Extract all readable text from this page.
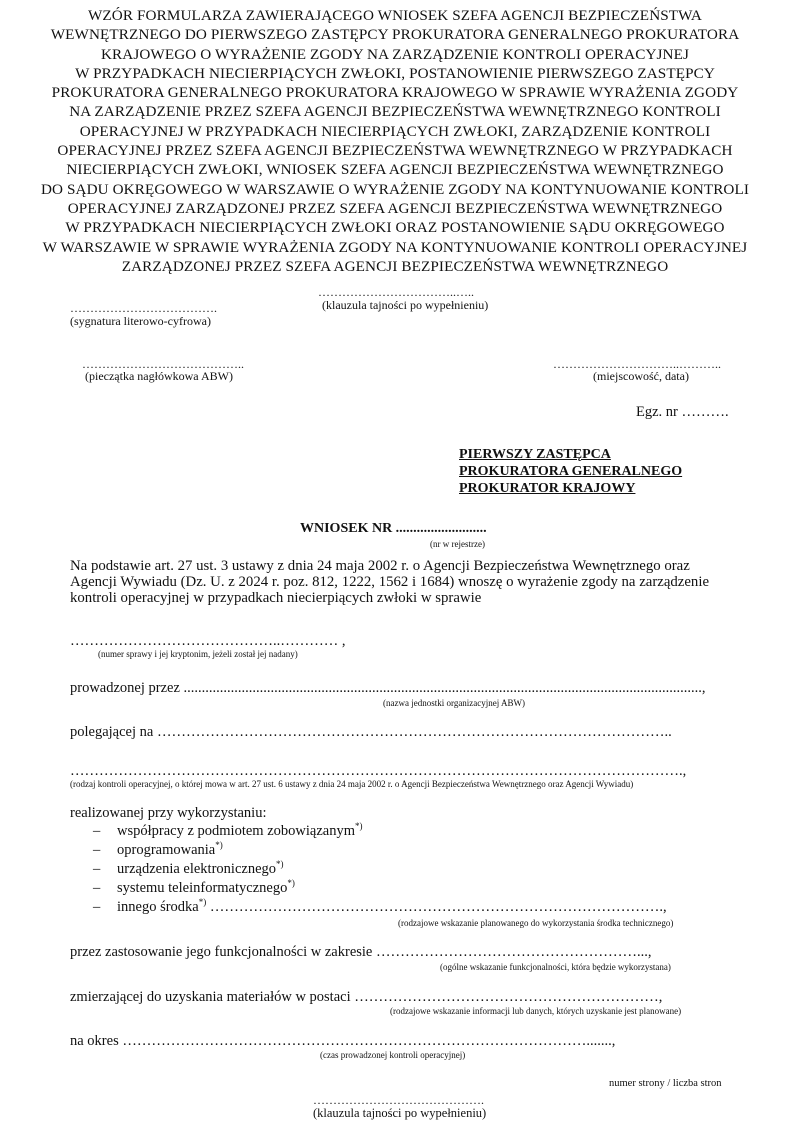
WZÓR FORMULARZA ZAWIERAJĄCEGO WNIOSEK SZEFA AGENCJI BEZPIECZEŃSTWA
WEWNĘTRZNEGO DO PIERWSZEGO ZASTĘPCY PROKURATORA GENERALNEGO PROKURATORA
KRAJOWEGO O WYRAŻENIE ZGODY NA ZARZĄDZENIE KONTROLI OPERACYJNEJ
W PRZYPADKACH NIECIERPIĄCYCH ZWŁOKI, POSTANOWIENIE PIERWSZEGO ZASTĘPCY
PROKURATORA GENERALNEGO PROKURATORA KRAJOWEGO W SPRAWIE WYRAŻENIA ZGODY
NA ZARZĄDZENIE PRZEZ SZEFA AGENCJI BEZPIECZEŃSTWA WEWNĘTRZNEGO KONTROLI
OPERACYJNEJ W PRZYPADKACH NIECIERPIĄCYCH ZWŁOKI, ZARZĄDZENIE KONTROLI
OPERACYJNEJ PRZEZ SZEFA AGENCJI BEZPIECZEŃSTWA WEWNĘTRZNEGO W PRZYPADKACH
NIECIERPIĄCYCH ZWŁOKI, WNIOSEK SZEFA AGENCJI BEZPIECZEŃSTWA WEWNĘTRZNEGO
DO SĄDU OKRĘGOWEGO W WARSZAWIE O WYRAŻENIE ZGODY NA KONTYNUOWANIE KONTROLI
OPERACYJNEJ ZARZĄDZONEJ PRZEZ SZEFA AGENCJI BEZPIECZEŃSTWA WEWNĘTRZNEGO
W PRZYPADKACH NIECIERPIĄCYCH ZWŁOKI ORAZ POSTANOWIENIE SĄDU OKRĘGOWEGO
W WARSZAWIE W SPRAWIE WYRAŻENIA ZGODY NA KONTYNUOWANIE KONTROLI OPERACYJNEJ
ZARZĄDZONEJ PRZEZ SZEFA AGENCJI BEZPIECZEŃSTWA WEWNĘTRZNEGO
……………………………..…..
(klauzula tajności po wypełnieniu)
……………………………….
(sygnatura literowo-cyfrowa)
…………………………………..
(pieczątka nagłówkowa ABW)
…………………………..………..
(miejscowość, data)
Egz. nr ……….
PIERWSZY ZASTĘPCA
PROKURATORA GENERALNEGO
PROKURATOR KRAJOWY
WNIOSEK NR ..........................
(nr w rejestrze)
Na podstawie art. 27 ust. 3 ustawy z dnia 24 maja 2002 r. o Agencji Bezpieczeństwa Wewnętrznego oraz
Agencji Wywiadu (Dz. U. z 2024 r. poz. 812, 1222, 1562 i 1684) wnoszę o wyrażenie zgody na zarządzenie
kontroli operacyjnej w przypadkach niecierpiących zwłoki w sprawie
……………………………………..………… ,
(numer sprawy i jej kryptonim, jeżeli został jej nadany)
prowadzonej przez ...............................................................................................................................................,
(nazwa jednostki organizacyjnej ABW)
polegającej na ……………………………………………………………………………………………..
……………………………………………………………………………………………………………….,
(rodzaj kontroli operacyjnej, o której mowa w art. 27 ust. 6 ustawy z dnia 24 maja 2002 r. o Agencji Bezpieczeństwa Wewnętrznego oraz Agencji Wywiadu)
realizowanej przy wykorzystaniu:
– współpracy z podmiotem zobowiązanym*)
– oprogramowania*)
– urządzenia elektronicznego*)
– systemu teleinformatycznego*)
– innego środka*) ………………………………………………………………………………….,
(rodzajowe wskazanie planowanego do wykorzystania środka technicznego)
przez zastosowanie jego funkcjonalności w zakresie ………………………………………………...,
(ogólne wskazanie funkcjonalności, która będzie wykorzystana)
zmierzającej do uzyskania materiałów w postaci ………………………………………………………,
(rodzajowe wskazanie informacji lub danych, których uzyskanie jest planowane)
na okres …………………………………………………………………………………….......,
(czas prowadzonej kontroli operacyjnej)
numer strony / liczba stron
…………………………………….
(klauzula tajności po wypełnieniu)
